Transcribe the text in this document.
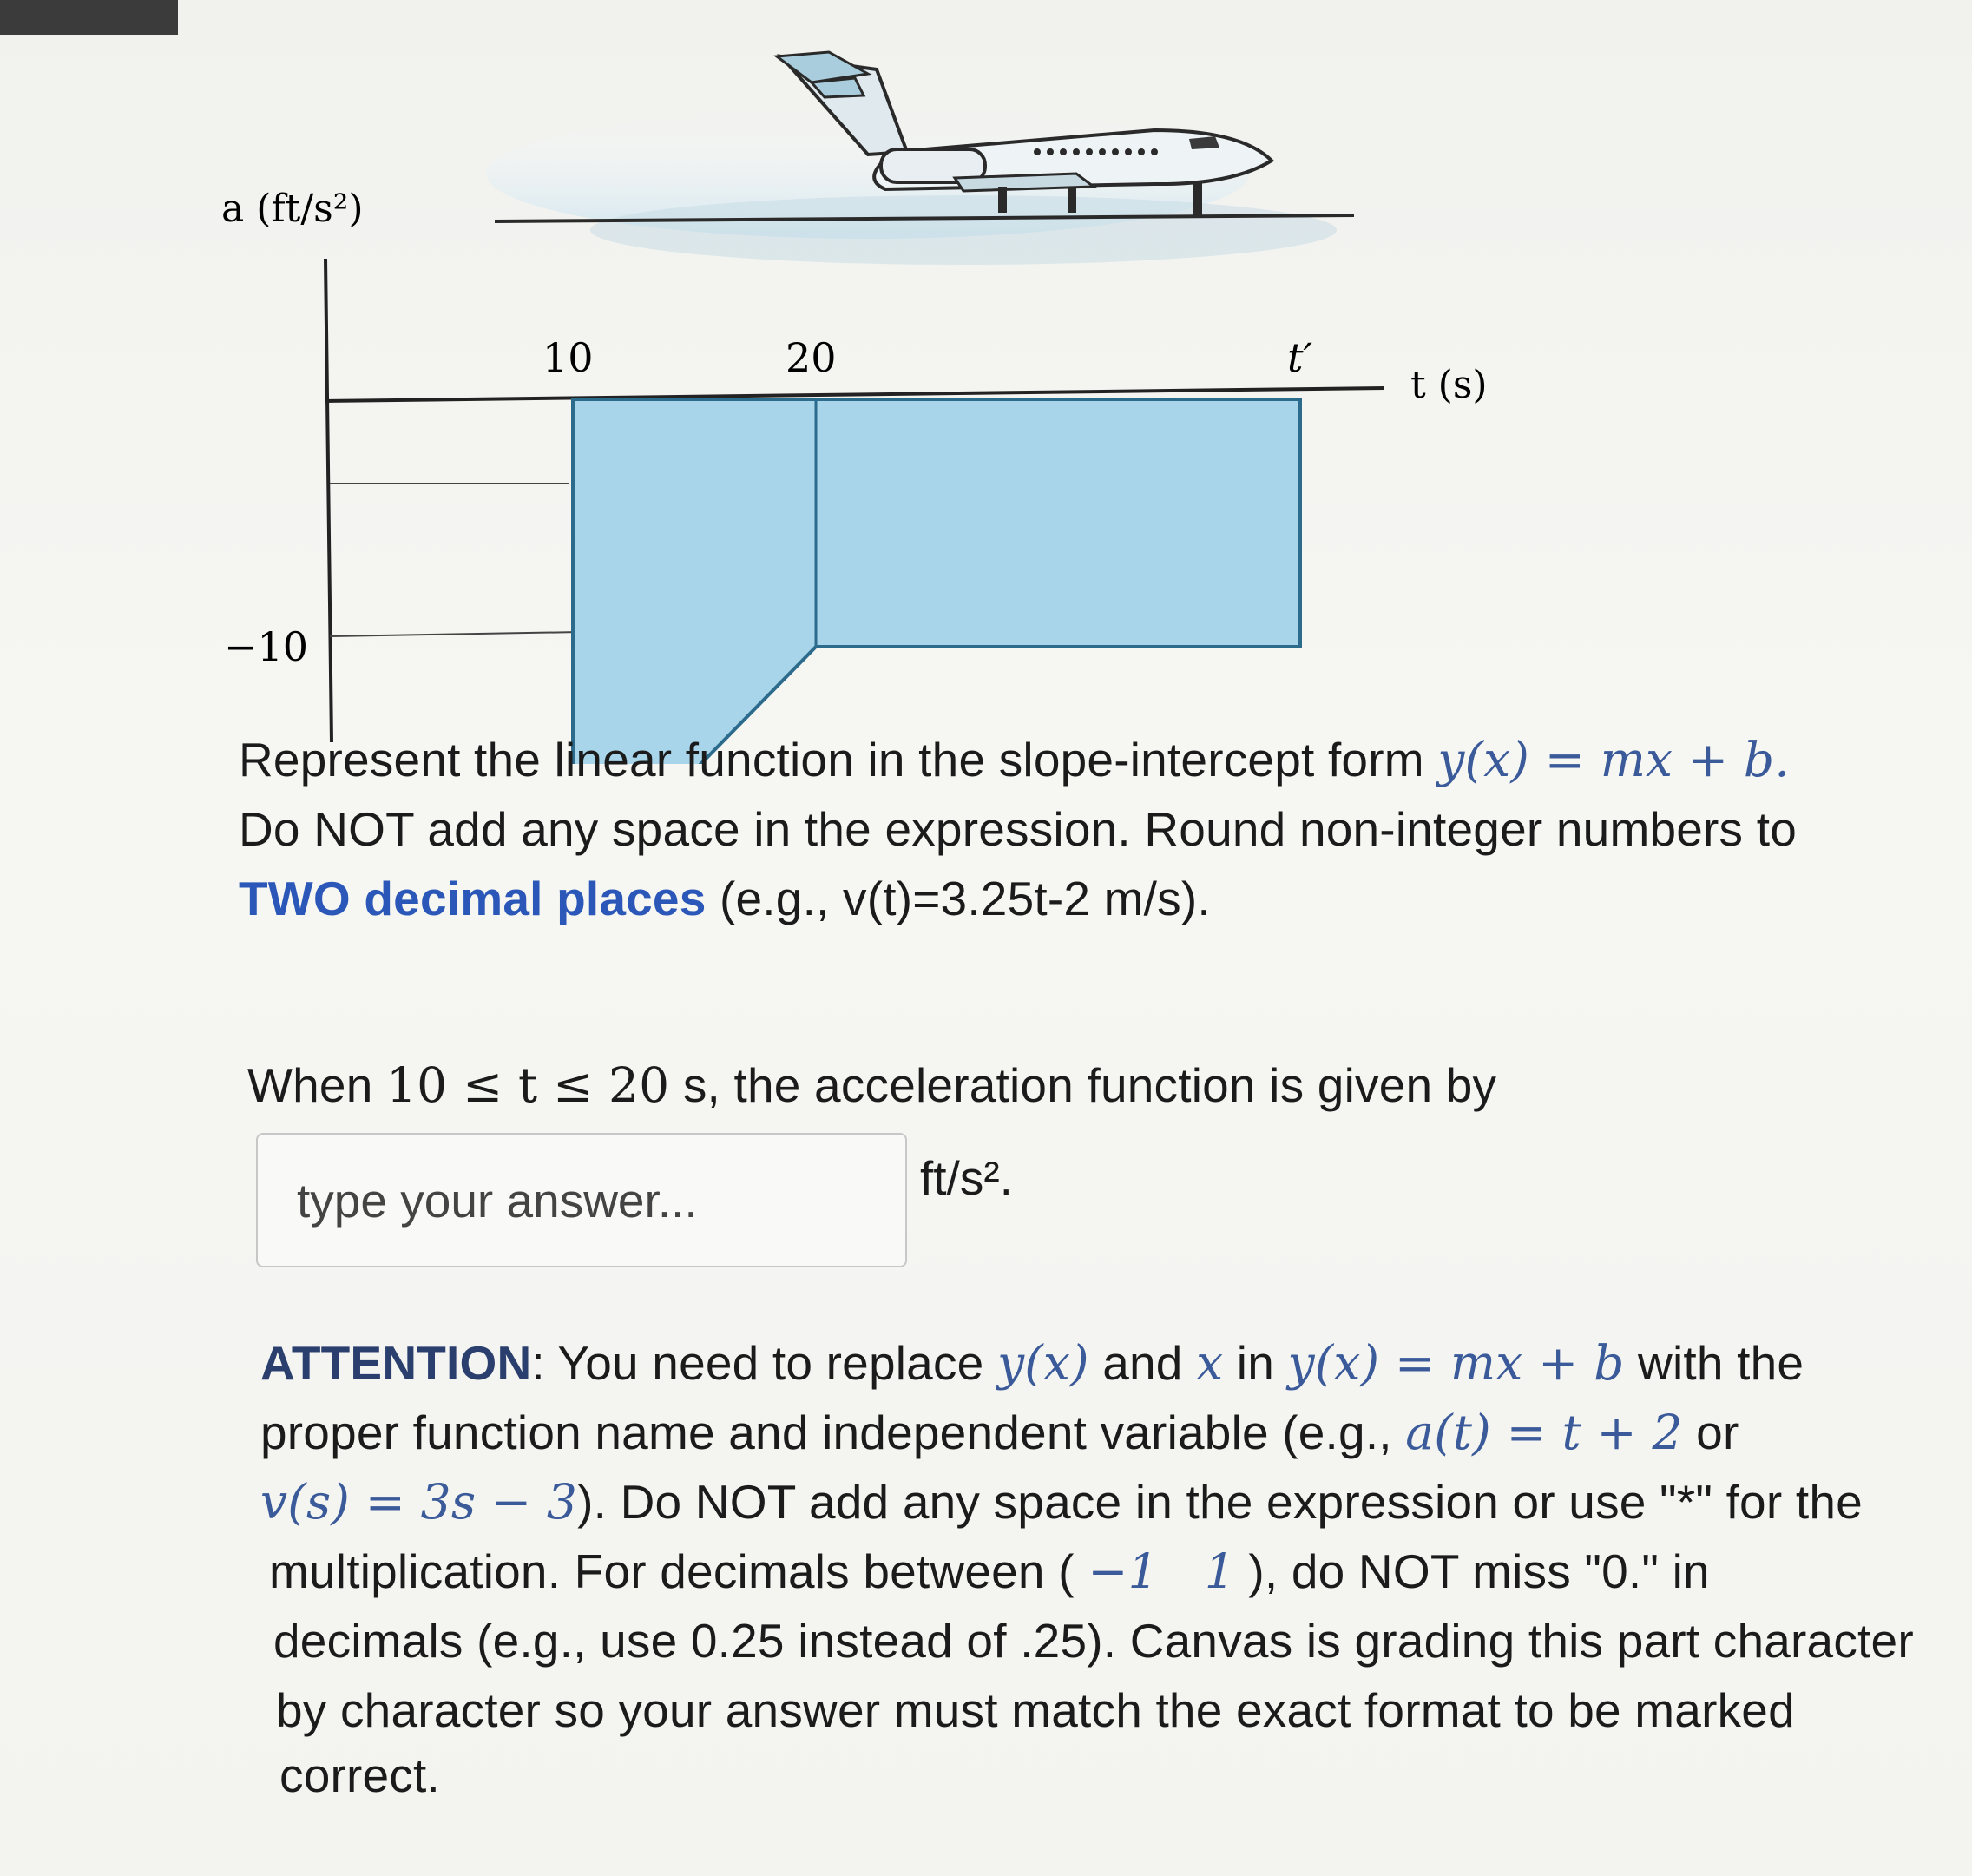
a (ft/s²)
t (s)
10	20	t′
−10
Represent the linear function in the slope-intercept form y(x) = mx + b.
Do NOT add any space in the expression. Round non-integer numbers to
TWO decimal places (e.g., v(t)=3.25t-2 m/s).
When 10 ≤ t ≤ 20 s, the acceleration function is given by
type your answer...
ft/s².
ATTENTION: You need to replace y(x) and x in y(x) = mx + b with the
proper function name and independent variable (e.g., a(t) = t + 2 or
v(s) = 3s − 3). Do NOT add any space in the expression or use "*" for the
multiplication. For decimals between ( −1   1 ), do NOT miss "0." in
decimals (e.g., use 0.25 instead of .25). Canvas is grading this part character
by character so your answer must match the exact format to be marked
correct.
